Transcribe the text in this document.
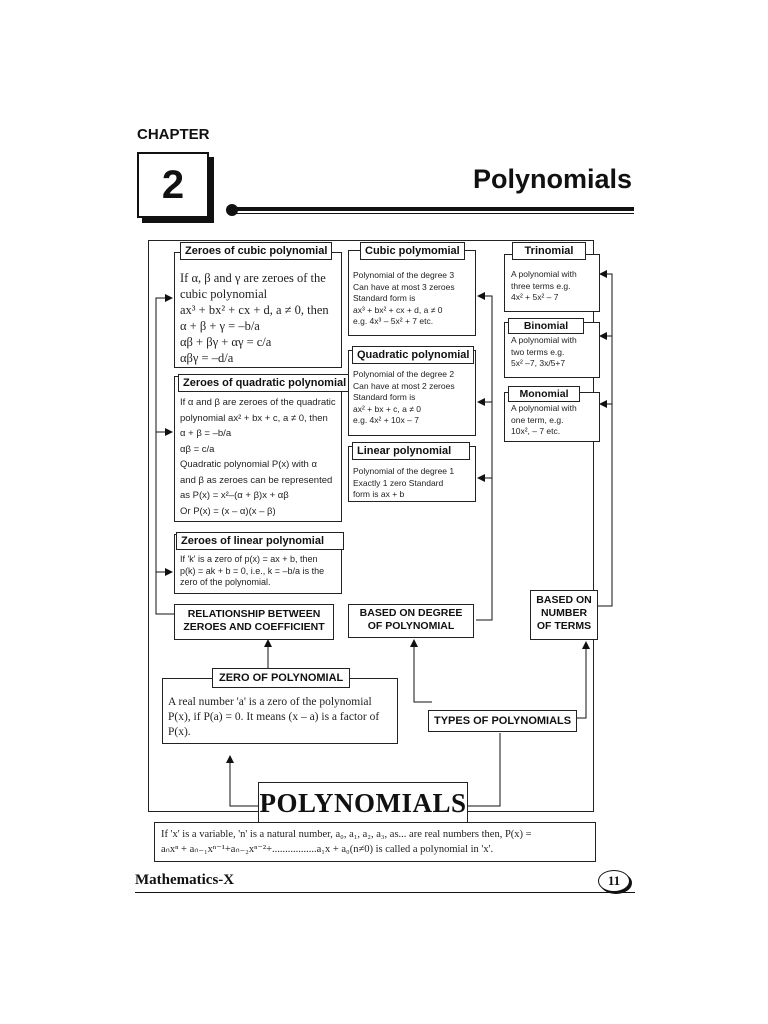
CHAPTER
2	Polynomials
If α, β and γ are zeroes of the
cubic polynomial
ax³ + bx² + cx + d, a ≠ 0, then
α + β + γ = –b/a
αβ + βγ + αγ = c/a
αβγ = –d/a
Zeroes of cubic polynomial
If α and β are zeroes of the quadratic
polynomial ax² + bx + c, a ≠ 0, then
α + β = –b/a
αβ = c/a
Quadratic polynomial P(x) with α
and β as zeroes can be represented
as P(x) = x²–(α + β)x + αβ
Or P(x) = (x – α)(x – β)
Zeroes of quadratic polynomial
If 'k' is a zero of p(x) = ax + b, then
p(k) = ak + b = 0, i.e., k = –b/a is the
zero of the polynomial.
Zeroes of linear polynomial
RELATIONSHIP BETWEEN
ZEROES AND COEFFICIENT
Polynomial of the degree 3
Can have at most 3 zeroes
Standard form is
ax³ + bx² + cx + d, a ≠ 0
e.g. 4x³ – 5x² + 7 etc.
Cubic polymomial
Polynomial of the degree 2
Can have at most 2 zeroes
Standard form is
ax² + bx + c, a ≠ 0
e.g. 4x² + 10x – 7
Quadratic polynomial
Polynomial of the degree 1
Exactly 1 zero Standard
form is ax + b
Linear polynomial
BASED ON DEGREE
OF POLYNOMIAL
A polynomial with
three terms e.g.
4x² + 5x² – 7
Trinomial
A polynomial with
two terms e.g.
5x² –7, 3x/5+7
Binomial
A polynomial with
one term, e.g.
10x², – 7 etc.
Monomial
BASED ON
NUMBER
OF TERMS
A real number 'a' is a zero of the polynomial
P(x), if P(a) = 0. It means (x – a) is a factor of
P(x).
ZERO OF POLYNOMIAL
TYPES OF POLYNOMIALS
POLYNOMIALS
If 'x' is a variable, 'n' is a natural number, a₀, a₁, a₂, a₃, as... are real numbers then, P(x) =
aₙxⁿ + aₙ₋₁xⁿ⁻¹+aₙ₋₂xⁿ⁻²+.................a₁x + a₀(n≠0) is called a polynomial in 'x'.
Mathematics-X	11
